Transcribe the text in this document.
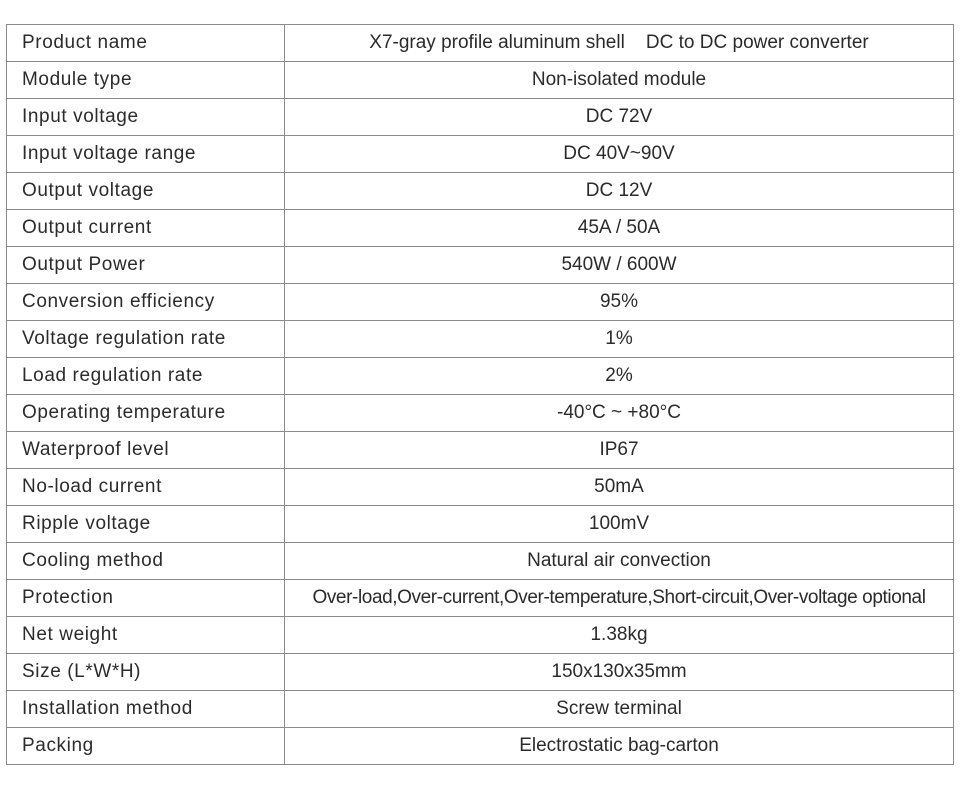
Product name	X7-gray profile aluminum shell    DC to DC power converter
Module type	Non-isolated module
Input voltage	DC 72V
Input voltage range	DC 40V~90V
Output voltage	DC 12V
Output current	45A / 50A
Output Power	540W / 600W
Conversion efficiency	95%
Voltage regulation rate	1%
Load regulation rate	2%
Operating temperature	-40°C ~ +80°C
Waterproof level	IP67
No-load current	50mA
Ripple voltage	100mV
Cooling method	Natural air convection
Protection	Over-load,Over-current,Over-temperature,Short-circuit,Over-voltage optional
Net weight	1.38kg
Size (L*W*H)	150x130x35mm
Installation method	Screw terminal
Packing	Electrostatic bag-carton
